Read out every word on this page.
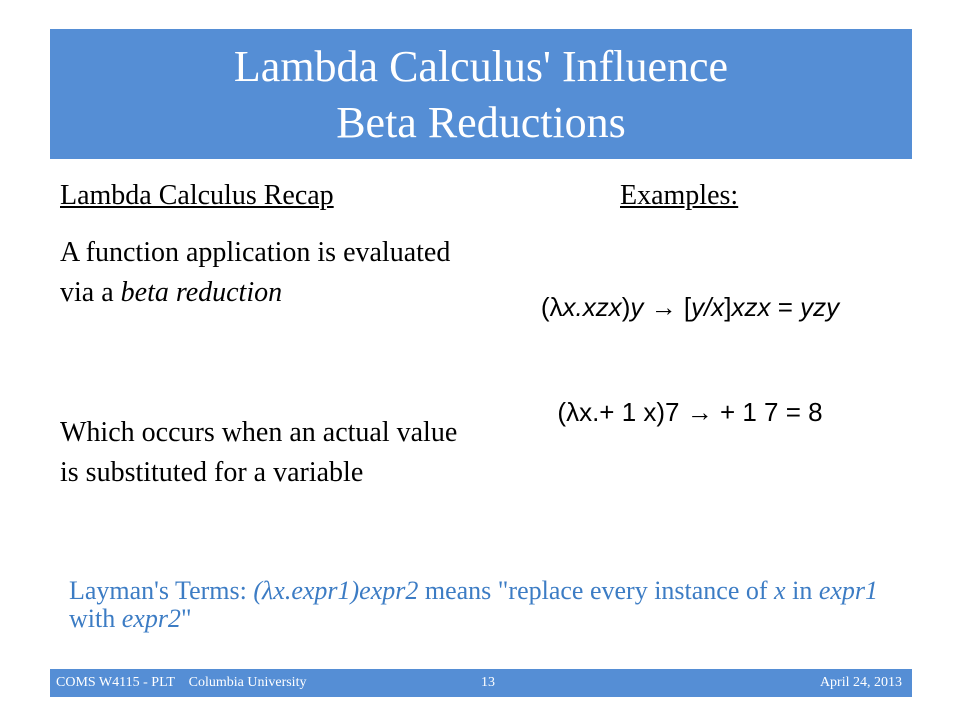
Lambda Calculus' Influence
Beta Reductions
Lambda Calculus Recap	Examples:
A function application is evaluated via a beta reduction
Which occurs when an actual value is substituted for a variable
(λx.xzx)y → [y/x]xzx = yzy
(λx.+ 1 x)7 → + 1 7 = 8
Layman's Terms: (λx.expr1)expr2 means "replace every instance of x in expr1 with expr2"
COMS W4115 - PLT    Columbia University	13	April 24, 2013
